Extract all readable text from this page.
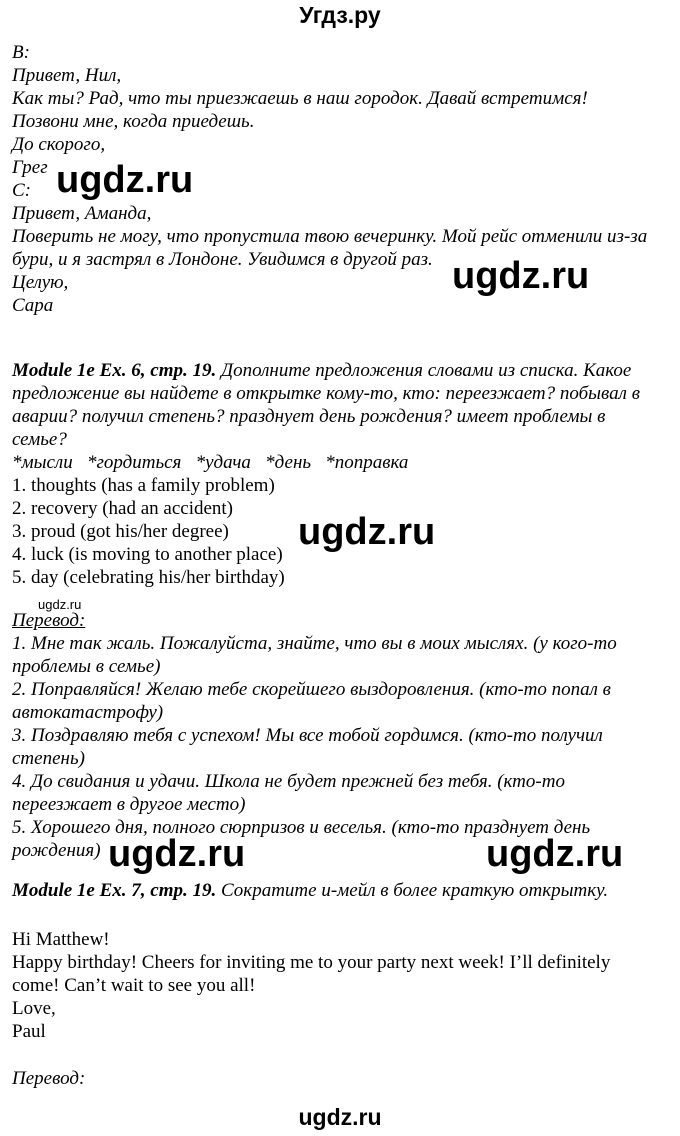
Угдз.ру
B:
Привет, Нил,
Как ты? Рад, что ты приезжаешь в наш городок. Давай встретимся!
Позвони мне, когда приедешь.
До скорого,
Грег
C:
Привет, Аманда,
Поверить не могу, что пропустила твою вечеринку. Мой рейс отменили из-за
бури, и я застрял в Лондоне. Увидимся в другой раз.
Целую,
Сара
Module 1e Ex. 6, стр. 19. Дополните предложения словами из списка. Какое
предложение вы найдете в открытке кому-то, кто: переезжает? побывал в
аварии? получил степень? празднует день рождения? имеет проблемы в
семье?
*мысли   *гордиться   *удача   *день   *поправка
1. thoughts (has a family problem)
2. recovery (had an accident)
3. proud (got his/her degree)
4. luck (is moving to another place)
5. day (celebrating his/her birthday)
Перевод:
1. Мне так жаль. Пожалуйста, знайте, что вы в моих мыслях. (у кого-то
проблемы в семье)
2. Поправляйся! Желаю тебе скорейшего выздоровления. (кто-то попал в
автокатастрофу)
3. Поздравляю тебя с успехом! Мы все тобой гордимся. (кто-то получил
степень)
4. До свидания и удачи. Школа не будет прежней без тебя. (кто-то
переезжает в другое место)
5. Хорошего дня, полного сюрпризов и веселья. (кто-то празднует день
рождения)
Module 1e Ex. 7, стр. 19. Сократите и-мейл в более краткую открытку.
Hi Matthew!
Happy birthday! Cheers for inviting me to your party next week! I’ll definitely
come! Can’t wait to see you all!
Love,
Paul
Перевод:
ugdz.ru
ugdz.ru
ugdz.ru
ugdz.ru
ugdz.ru	ugdz.ru
ugdz.ru
